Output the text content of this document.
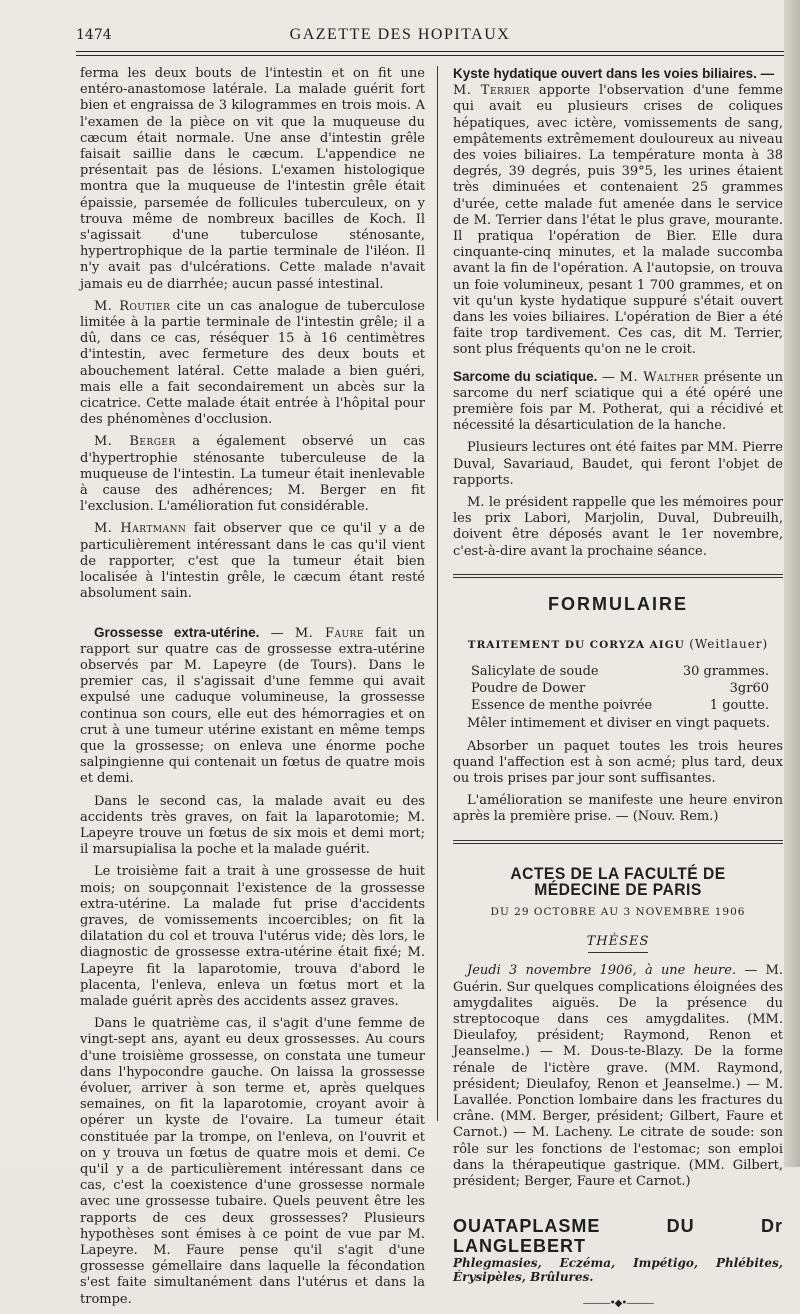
1474	GAZETTE DES HOPITAUX

ferma les deux bouts de l'intestin et on fit une entéro-anastomose latérale. La malade guérit fort bien et engraissa de 3 kilogrammes en trois mois. A l'examen de la pièce on vit que la muqueuse du cæcum était normale. Une anse d'intestin grêle faisait saillie dans le cæcum. L'appendice ne présentait pas de lésions. L'examen histologique montra que la muqueuse de l'intestin grêle était épaissie, parsemée de follicules tuberculeux, on y trouva même de nombreux bacilles de Koch. Il s'agissait d'une tuberculose sténosante, hypertrophique de la partie terminale de l'iléon. Il n'y avait pas d'ulcérations. Cette malade n'avait jamais eu de diarrhée; aucun passé intestinal.

M. Routier cite un cas analogue de tuberculose limitée à la partie terminale de l'intestin grêle; il a dû, dans ce cas, réséquer 15 à 16 centimètres d'intestin, avec fermeture des deux bouts et abouchement latéral. Cette malade a bien guéri, mais elle a fait secondairement un abcès sur la cicatrice. Cette malade était entrée à l'hôpital pour des phénomènes d'occlusion.

M. Berger a également observé un cas d'hypertrophie sténosante tuberculeuse de la muqueuse de l'intestin. La tumeur était inenlevable à cause des adhérences; M. Berger en fit l'exclusion. L'amélioration fut considérable.

M. Hartmann fait observer que ce qu'il y a de particulièrement intéressant dans le cas qu'il vient de rapporter, c'est que la tumeur était bien localisée à l'intestin grêle, le cæcum étant resté absolument sain.

Grossesse extra-utérine. — M. Faure fait un rapport sur quatre cas de grossesse extra-utérine observés par M. Lapeyre (de Tours). Dans le premier cas, il s'agissait d'une femme qui avait expulsé une caduque volumineuse, la grossesse continua son cours, elle eut des hémorragies et on crut à une tumeur utérine existant en même temps que la grossesse; on enleva une énorme poche salpingienne qui contenait un fœtus de quatre mois et demi.

Dans le second cas, la malade avait eu des accidents très graves, on fait la laparotomie; M. Lapeyre trouve un fœtus de six mois et demi mort; il marsupialisa la poche et la malade guérit.

Le troisième fait a trait à une grossesse de huit mois; on soupçonnait l'existence de la grossesse extra-utérine. La malade fut prise d'accidents graves, de vomissements incoercibles; on fit la dilatation du col et trouva l'utérus vide; dès lors, le diagnostic de grossesse extra-utérine était fixé; M. Lapeyre fit la laparotomie, trouva d'abord le placenta, l'enleva, enleva un fœtus mort et la malade guérit après des accidents assez graves.

Dans le quatrième cas, il s'agit d'une femme de vingt-sept ans, ayant eu deux grossesses. Au cours d'une troisième grossesse, on constata une tumeur dans l'hypocondre gauche. On laissa la grossesse évoluer, arriver à son terme et, après quelques semaines, on fit la laparotomie, croyant avoir à opérer un kyste de l'ovaire. La tumeur était constituée par la trompe, on l'enleva, on l'ouvrit et on y trouva un fœtus de quatre mois et demi. Ce qu'il y a de particulièrement intéressant dans ce cas, c'est la coexistence d'une grossesse normale avec une grossesse tubaire. Quels peuvent être les rapports de ces deux grossesses? Plusieurs hypothèses sont émises à ce point de vue par M. Lapeyre. M. Faure pense qu'il s'agit d'une grossesse gémellaire dans laquelle la fécondation s'est faite simultanément dans l'utérus et dans la trompe.

Kyste hydatique ouvert dans les voies biliaires. —
M. Terrier apporte l'observation d'une femme qui avait eu plusieurs crises de coliques hépatiques, avec ictère, vomissements de sang, empâtements extrêmement douloureux au niveau des voies biliaires. La température monta à 38 degrés, 39 degrés, puis 39°5, les urines étaient très diminuées et contenaient 25 grammes d'urée, cette malade fut amenée dans le service de M. Terrier dans l'état le plus grave, mourante. Il pratiqua l'opération de Bier. Elle dura cinquante-cinq minutes, et la malade succomba avant la fin de l'opération. A l'autopsie, on trouva un foie volumineux, pesant 1 700 grammes, et on vit qu'un kyste hydatique suppuré s'était ouvert dans les voies biliaires. L'opération de Bier a été faite trop tardivement. Ces cas, dit M. Terrier, sont plus fréquents qu'on ne le croit.

Sarcome du sciatique. — M. Walther présente un sarcome du nerf sciatique qui a été opéré une première fois par M. Potherat, qui a récidivé et nécessité la désarticulation de la hanche.

Plusieurs lectures ont été faites par MM. Pierre Duval, Savariaud, Baudet, qui feront l'objet de rapports.

M. le président rappelle que les mémoires pour les prix Labori, Marjolin, Duval, Dubreuilh, doivent être déposés avant le 1er novembre, c'est-à-dire avant la prochaine séance.

FORMULAIRE
TRAITEMENT DU CORYZA AIGU (Weitlauer)
Salicylate de soude	30 grammes.
Poudre de Dower	3gr60
Essence de menthe poivrée	1 goutte.

Mêler intimement et diviser en vingt paquets.

Absorber un paquet toutes les trois heures quand l'affection est à son acmé; plus tard, deux ou trois prises par jour sont suffisantes.

L'amélioration se manifeste une heure environ après la première prise. — (Nouv. Rem.)

ACTES DE LA FACULTÉ DE MÉDECINE DE PARIS
DU 29 OCTOBRE AU 3 NOVEMBRE 1906
THÈSES

Jeudi 3 novembre 1906, à une heure. — M. Guérin. Sur quelques complications éloignées des amygdalites aiguës. De la présence du streptocoque dans ces amygdalites. (MM. Dieulafoy, président; Raymond, Renon et Jeanselme.) — M. Dous-te-Blazy. De la forme rénale de l'ictère grave. (MM. Raymond, président; Dieulafoy, Renon et Jeanselme.) — M. Lavallée. Ponction lombaire dans les fractures du crâne. (MM. Berger, président; Gilbert, Faure et Carnot.) — M. Lacheny. Le citrate de soude: son rôle sur les fonctions de l'estomac; son emploi dans la thérapeutique gastrique. (MM. Gilbert, président; Berger, Faure et Carnot.)

OUATAPLASME DU Dr LANGLEBERT
Phlegmasies, Eczéma, Impétigo, Phlébites, Érysipèles, Brûlures.
———•◆•———
